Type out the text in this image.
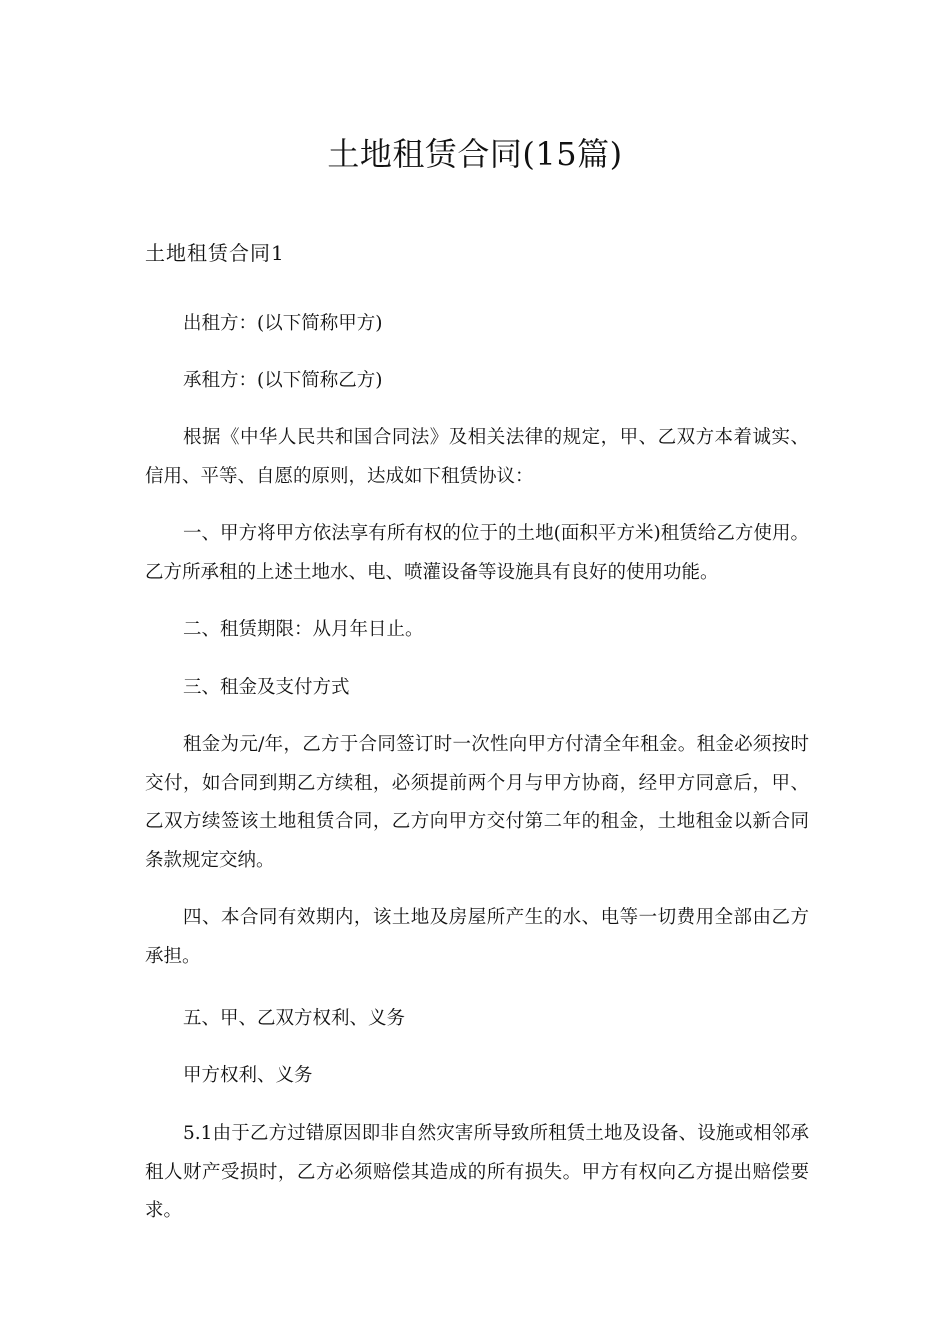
土地租赁合同(15篇)
土地租赁合同1

出租方：(以下简称甲方)

承租方：(以下简称乙方)

根据《中华人民共和国合同法》及相关法律的规定，甲、乙双方本着诚实、信用、平等、自愿的原则，达成如下租赁协议：

一、甲方将甲方依法享有所有权的位于的土地(面积平方米)租赁给乙方使用。乙方所承租的上述土地水、电、喷灌设备等设施具有良好的使用功能。

二、租赁期限：从月年日止。

三、租金及支付方式

租金为元/年，乙方于合同签订时一次性向甲方付清全年租金。租金必须按时交付，如合同到期乙方续租，必须提前两个月与甲方协商，经甲方同意后，甲、乙双方续签该土地租赁合同，乙方向甲方交付第二年的租金，土地租金以新合同条款规定交纳。

四、本合同有效期内，该土地及房屋所产生的水、电等一切费用全部由乙方承担。

五、甲、乙双方权利、义务

甲方权利、义务

5.1由于乙方过错原因即非自然灾害所导致所租赁土地及设备、设施或相邻承租人财产受损时，乙方必须赔偿其造成的所有损失。甲方有权向乙方提出赔偿要求。
